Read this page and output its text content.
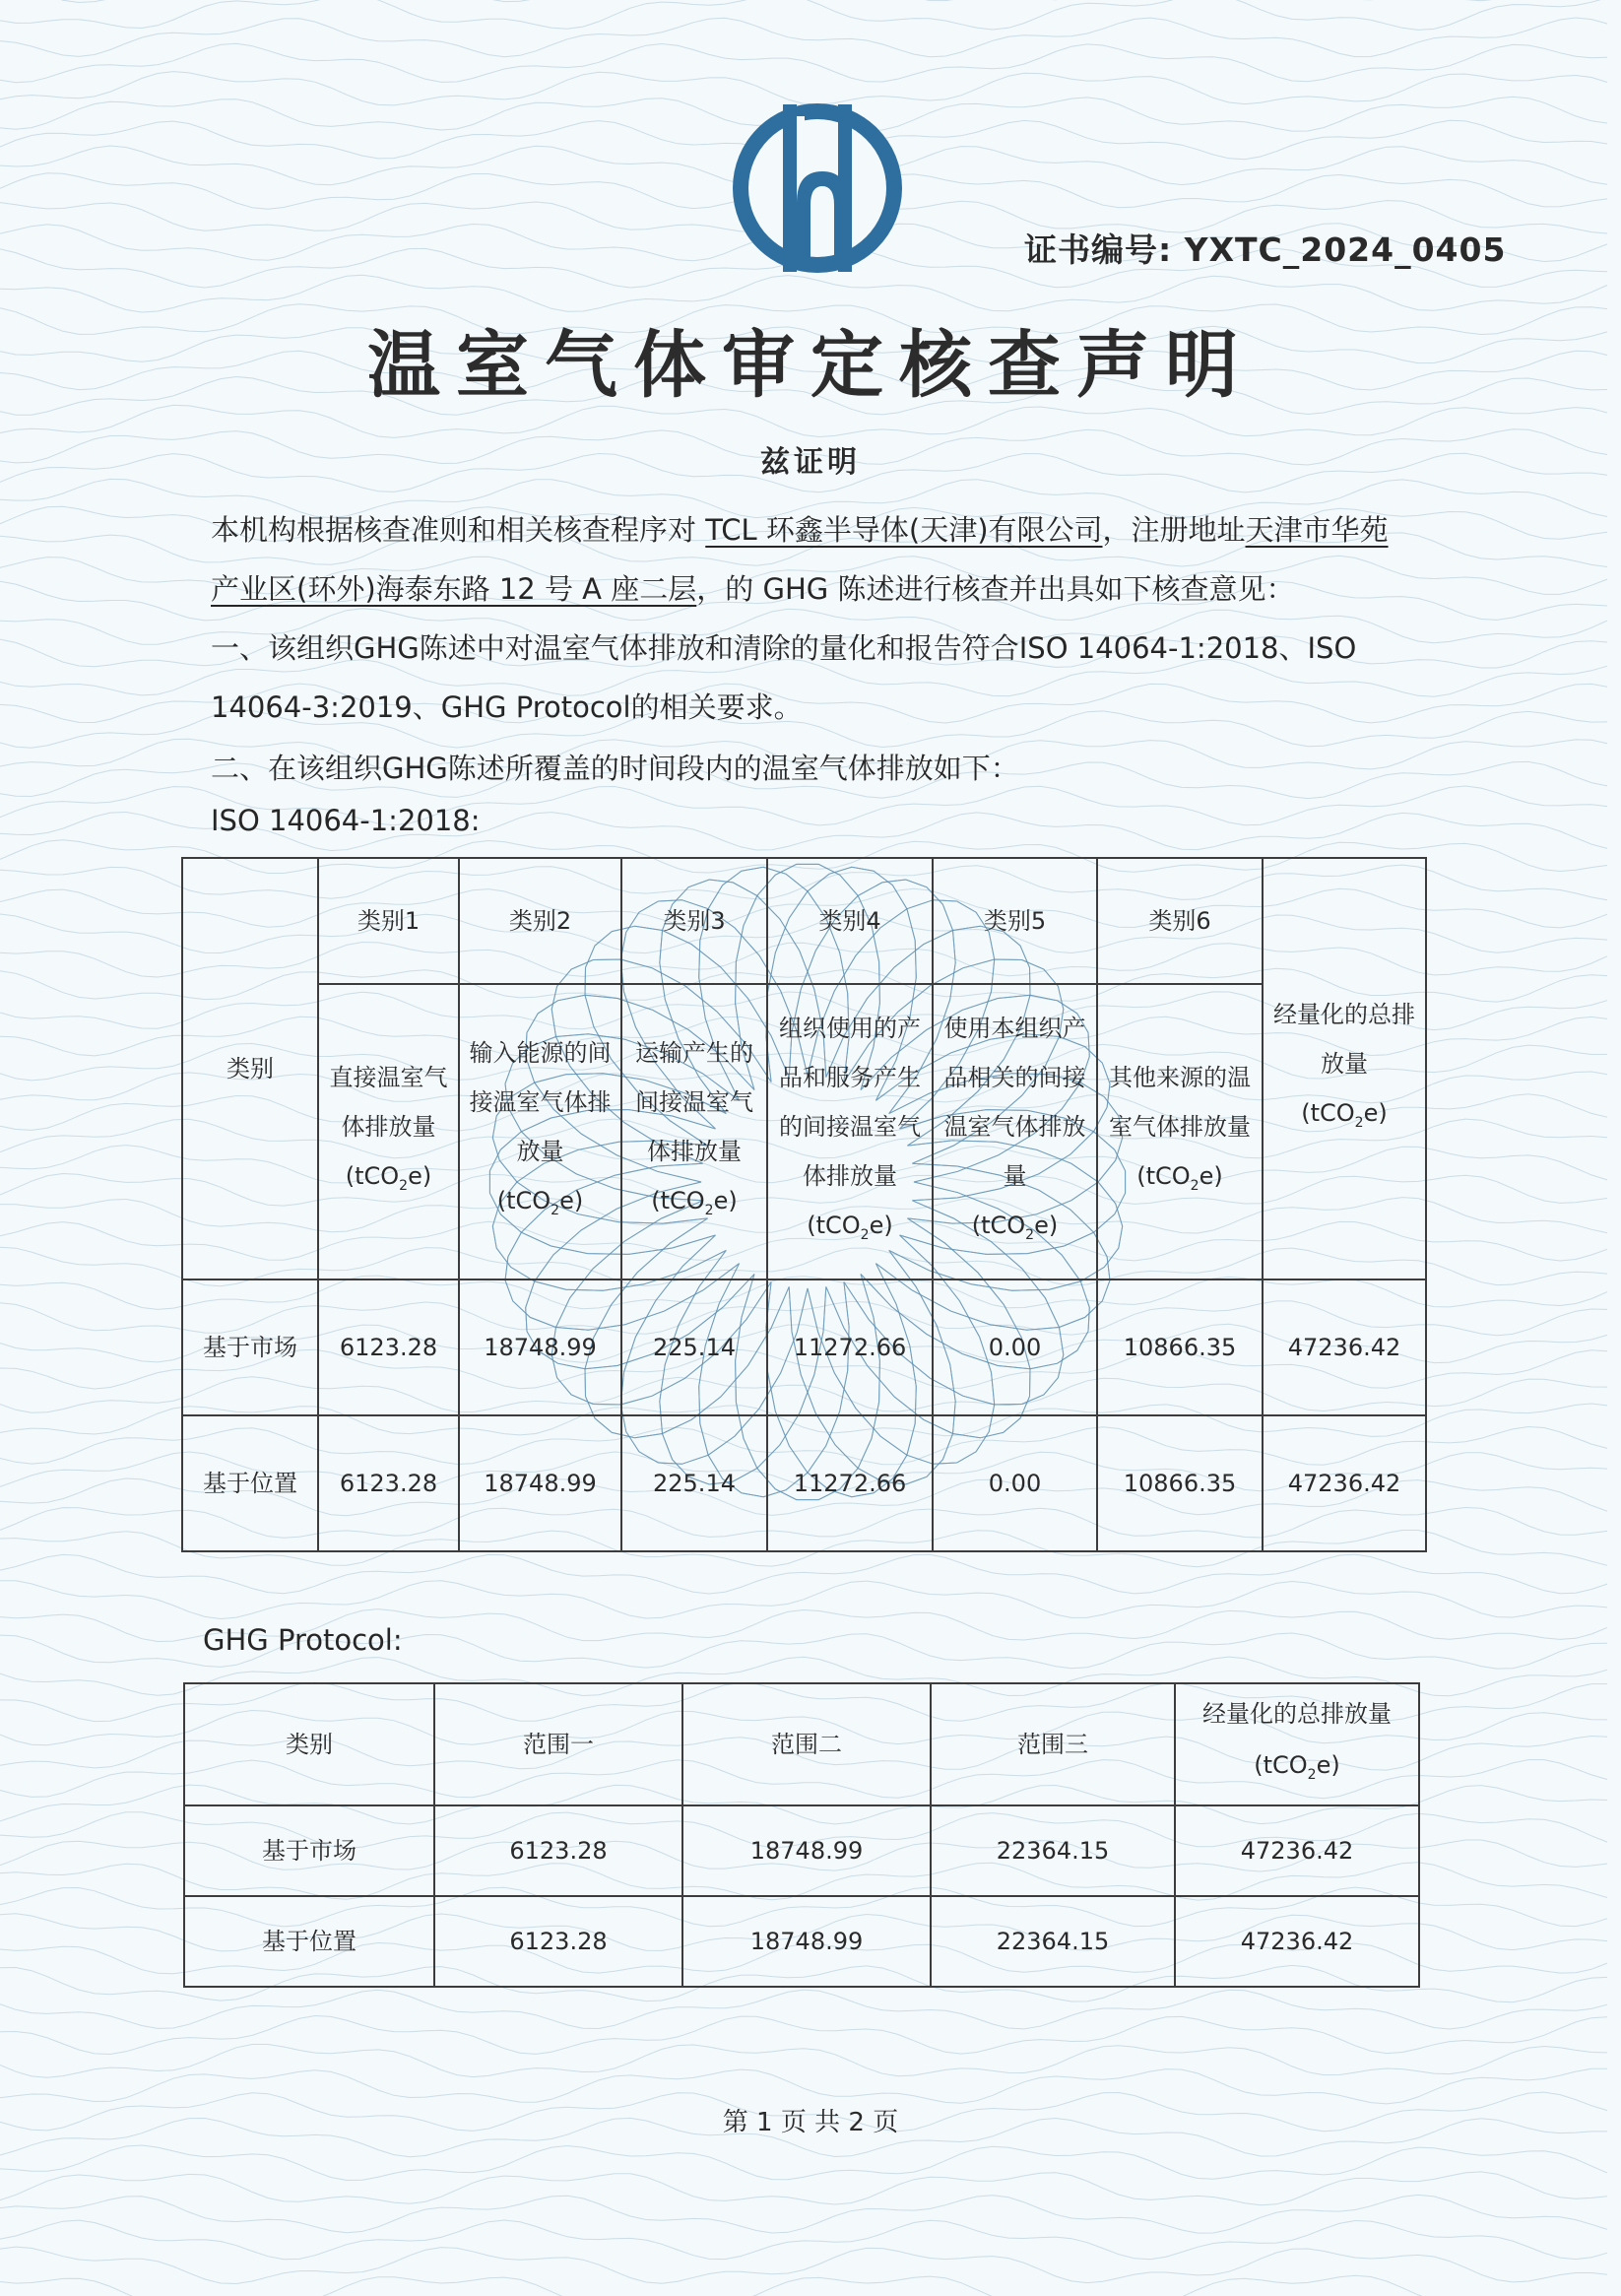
证书编号: YXTC_2024_0405
温室气体审定核查声明
兹证明
本机构根据核查准则和相关核查程序对 TCL 环鑫半导体(天津)有限公司，注册地址天津市华苑产业区(环外)海泰东路 12 号 A 座二层，的 GHG 陈述进行核查并出具如下核查意见：
一、该组织GHG陈述中对温室气体排放和清除的量化和报告符合ISO 14064-1:2018、ISO 14064-3:2019、GHG Protocol的相关要求。
二、在该组织GHG陈述所覆盖的时间段内的温室气体排放如下：
ISO 14064-1:2018:
类别	类别1	类别2	类别3	类别4	类别5	类别6	经量化的总排放量
(tCO$_2$e)
	直接温室气体排放量(tCO$_2$e)	输入能源的间接温室气体排放量
(tCO$_2$e)	运输产生的间接温室气体排放量
(tCO$_2$e)	组织使用的产品和服务产生的间接温室气体排放量
(tCO$_2$e)	使用本组织产品相关的间接温室气体排放量
(tCO$_2$e)	其他来源的温室气体排放量(tCO$_2$e)	
基于市场	6123.28	18748.99	225.14	11272.66	0.00	10866.35	47236.42
基于位置	6123.28	18748.99	225.14	11272.66	0.00	10866.35	47236.42
GHG Protocol:
类别	范围一	范围二	范围三	经量化的总排放量
(tCO$_2$e)
基于市场	6123.28	18748.99	22364.15	47236.42
基于位置	6123.28	18748.99	22364.15	47236.42
第 1 页 共 2 页
